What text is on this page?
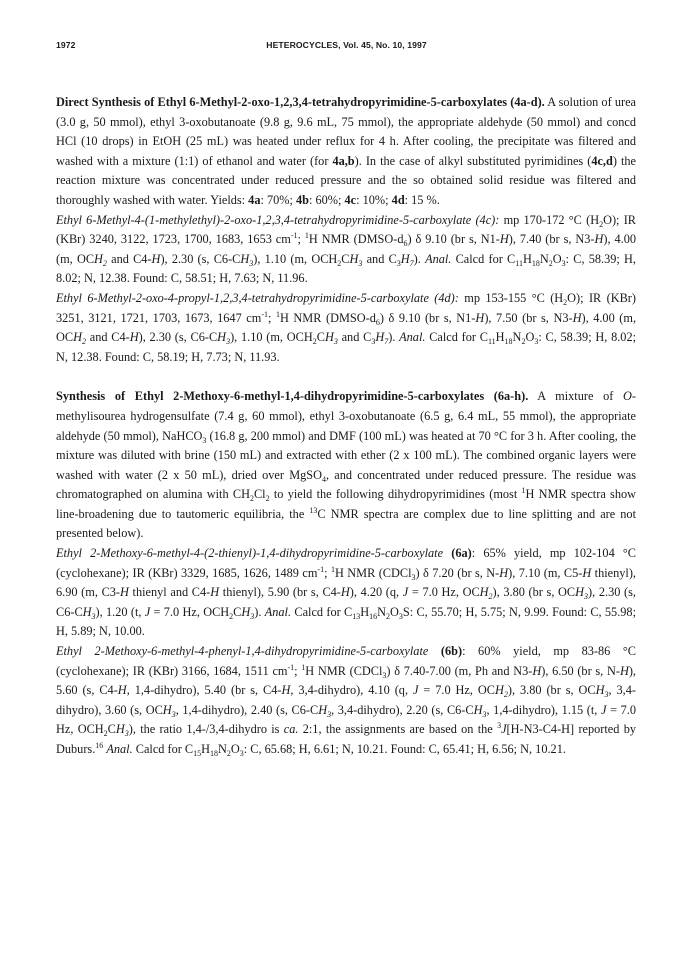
1972	HETEROCYCLES, Vol. 45, No. 10, 1997

Direct Synthesis of Ethyl 6-Methyl-2-oxo-1,2,3,4-tetrahydropyrimidine-5-carboxylates (4a-d). A solution of urea (3.0 g, 50 mmol), ethyl 3-oxobutanoate (9.8 g, 9.6 mL, 75 mmol), the appropriate aldehyde (50 mmol) and concd HCl (10 drops) in EtOH (25 mL) was heated under reflux for 4 h. After cooling, the precipitate was filtered and washed with a mixture (1:1) of ethanol and water (for 4a,b). In the case of alkyl substituted pyrimidines (4c,d) the reaction mixture was concentrated under reduced pressure and the so obtained solid residue was filtered and thoroughly washed with water. Yields: 4a: 70%; 4b: 60%; 4c: 10%; 4d: 15 %.

Ethyl 6-Methyl-4-(1-methylethyl)-2-oxo-1,2,3,4-tetrahydropyrimidine-5-carboxylate (4c): mp 170-172 °C $(H_2O)$; IR (KBr) 3240, 3122, 1723, 1700, 1683, 1653 $cm^{-1}$; $^1$H NMR $(DMSO-d_6)$ δ 9.10 (br s, N1-H), 7.40 (br s, N3-H), 4.00 (m, $OCH_2$ and C4-H), 2.30 (s, $C6-CH_3$), 1.10 (m, $OCH_2CH_3$ and $C_3H_7$). Anal. Calcd for $C_{11}H_{18}N_2O_3$: C, 58.39; H, 8.02; N, 12.38. Found: C, 58.51; H, 7.63; N, 11.96.

Ethyl 6-Methyl-2-oxo-4-propyl-1,2,3,4-tetrahydropyrimidine-5-carboxylate (4d): mp 153-155 °C $(H_2O)$; IR (KBr) 3251, 3121, 1721, 1703, 1673, 1647 $cm^{-1}$; $^1$H NMR $(DMSO-d_6)$ δ 9.10 (br s, N1-H), 7.50 (br s, N3-H), 4.00 (m, $OCH_2$ and C4-H), 2.30 (s, $C6-CH_3$), 1.10 (m, $OCH_2CH_3$ and $C_3H_7$). Anal. Calcd for $C_{11}H_{18}N_2O_3$: C, 58.39; H, 8.02; N, 12.38. Found: C, 58.19; H, 7.73; N, 11.93.

Synthesis of Ethyl 2-Methoxy-6-methyl-1,4-dihydropyrimidine-5-carboxylates (6a-h). A mixture of O-methylisourea hydrogensulfate (7.4 g, 60 mmol), ethyl 3-oxobutanoate (6.5 g, 6.4 mL, 55 mmol), the appropriate aldehyde (50 mmol), NaHCO$_3$ (16.8 g, 200 mmol) and DMF (100 mL) was heated at 70 °C for 3 h. After cooling, the mixture was diluted with brine (150 mL) and extracted with ether (2 x 100 mL). The combined organic layers were washed with water (2 x 50 mL), dried over MgSO$_4$, and concentrated under reduced pressure. The residue was chromatographed on alumina with $CH_2Cl_2$ to yield the following dihydropyrimidines (most $^1$H NMR spectra show line-broadening due to tautomeric equilibria, the $^{13}$C NMR spectra are complex due to line splitting and are not presented below).

Ethyl 2-Methoxy-6-methyl-4-(2-thienyl)-1,4-dihydropyrimidine-5-carboxylate (6a): 65% yield, mp 102-104 °C (cyclohexane); IR (KBr) 3329, 1685, 1626, 1489 $cm^{-1}$; $^1$H NMR (CDCl$_3$) δ 7.20 (br s, N-H), 7.10 (m, C5-H thienyl), 6.90 (m, C3-H thienyl and C4-H thienyl), 5.90 (br s, C4-H), 4.20 (q, J = 7.0 Hz, $OCH_2$), 3.80 (br s, $OCH_3$), 2.30 (s, $C6-CH_3$), 1.20 (t, J = 7.0 Hz, $OCH_2CH_3$). Anal. Calcd for $C_{13}H_{16}N_2O_3S$: C, 55.70; H, 5.75; N, 9.99. Found: C, 55.98; H, 5.89; N, 10.00.

Ethyl 2-Methoxy-6-methyl-4-phenyl-1,4-dihydropyrimidine-5-carboxylate (6b): 60% yield, mp 83-86 °C (cyclohexane); IR (KBr) 3166, 1684, 1511 $cm^{-1}$; $^1$H NMR (CDCl$_3$) δ 7.40-7.00 (m, Ph and N3-H), 6.50 (br s, N-H), 5.60 (s, C4-H, 1,4-dihydro), 5.40 (br s, C4-H, 3,4-dihydro), 4.10 (q, J = 7.0 Hz, $OCH_2$), 3.80 (br s, $OCH_3$, 3,4-dihydro), 3.60 (s, $OCH_3$, 1,4-dihydro), 2.40 (s, $C6-CH_3$, 3,4-dihydro), 2.20 (s, $C6-CH_3$, 1,4-dihydro), 1.15 (t, J = 7.0 Hz, $OCH_2CH_3$), the ratio 1,4-/3,4-dihydro is ca. 2:1, the assignments are based on the $^3$J[H-N3-C4-H] reported by Duburs.$^{16}$ Anal. Calcd for $C_{15}H_{18}N_2O_3$: C, 65.68; H, 6.61; N, 10.21. Found: C, 65.41; H, 6.56; N, 10.21.
